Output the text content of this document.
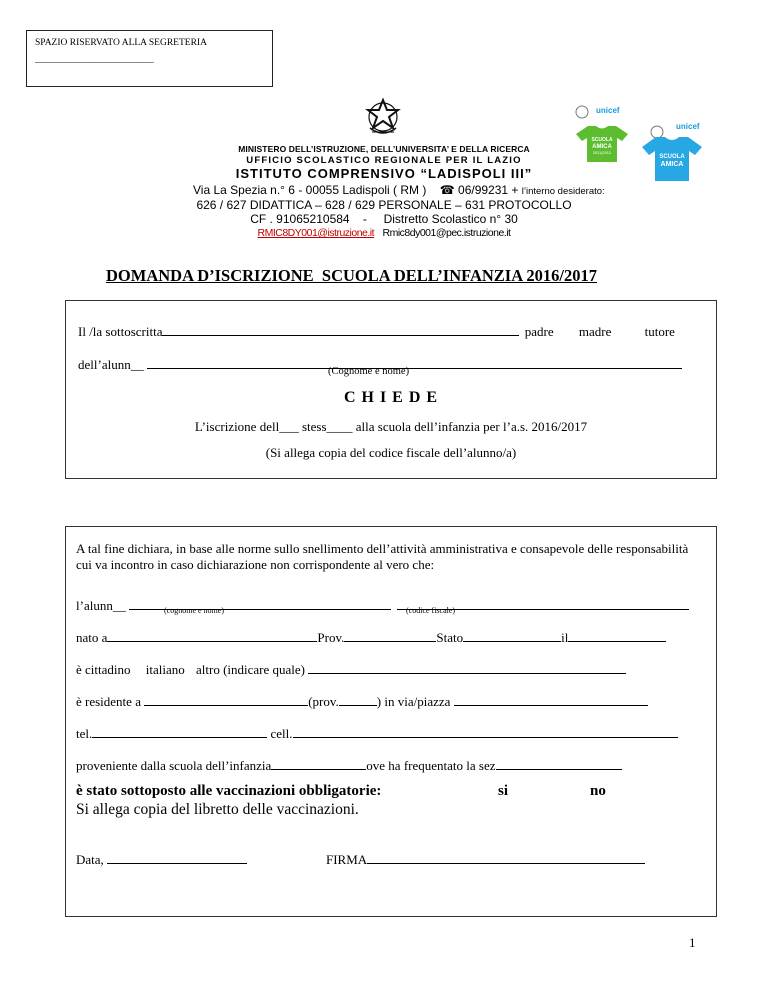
SPAZIO RISERVATO ALLA SEGRETERIA
_________________________
unicef
unicef
SCUOLA
AMICA
2011|2012
SCUOLA
AMICA
MINISTERO DELL’ISTRUZIONE, DELL’UNIVERSITA’ E DELLA RICERCA
UFFICIO SCOLASTICO REGIONALE PER IL LAZIO
ISTITUTO COMPRENSIVO “LADISPOLI III”
Via La Spezia n.° 6 - 00055 Ladispoli ( RM ) ☎ 06/99231 + l’interno desiderato:
626 / 627 DIDATTICA – 628 / 629 PERSONALE – 631 PROTOCOLLO
CF . 91065210584    -     Distretto Scolastico n° 30
RMIC8DY001@istruzione.it Rmic8dy001@pec.istruzione.it
DOMANDA D’ISCRIZIONE  SCUOLA DELL’INFANZIA 2016/2017
Il /la sottoscritta	padre madre	tutore
dell’alunn__	(Cognome e nome)
C H I E D E
L’iscrizione dell___ stess____ alla scuola dell’infanzia per l’a.s. 2016/2017
(Si allega copia del codice fiscale dell’alunno/a)
A tal fine dichiara, in base alle norme sullo snellimento dell’attività amministrativa e consapevole delle responsabilità cui va incontro in caso dichiarazione non corrispondente al vero che:
l’alunn__	(cognome e nome)	(codice fiscale)
nato a	Prov.	Stato	il
è cittadino italiano altro (indicare quale)
è residente a	(prov.	) in via/piazza
tel.	cell.
proveniente dalla scuola dell’infanzia	ove ha frequentato la sez
è stato sottoposto alle vaccinazioni obbligatorie:	si	no
Si allega copia del libretto delle vaccinazioni.
Data,	FIRMA
1
